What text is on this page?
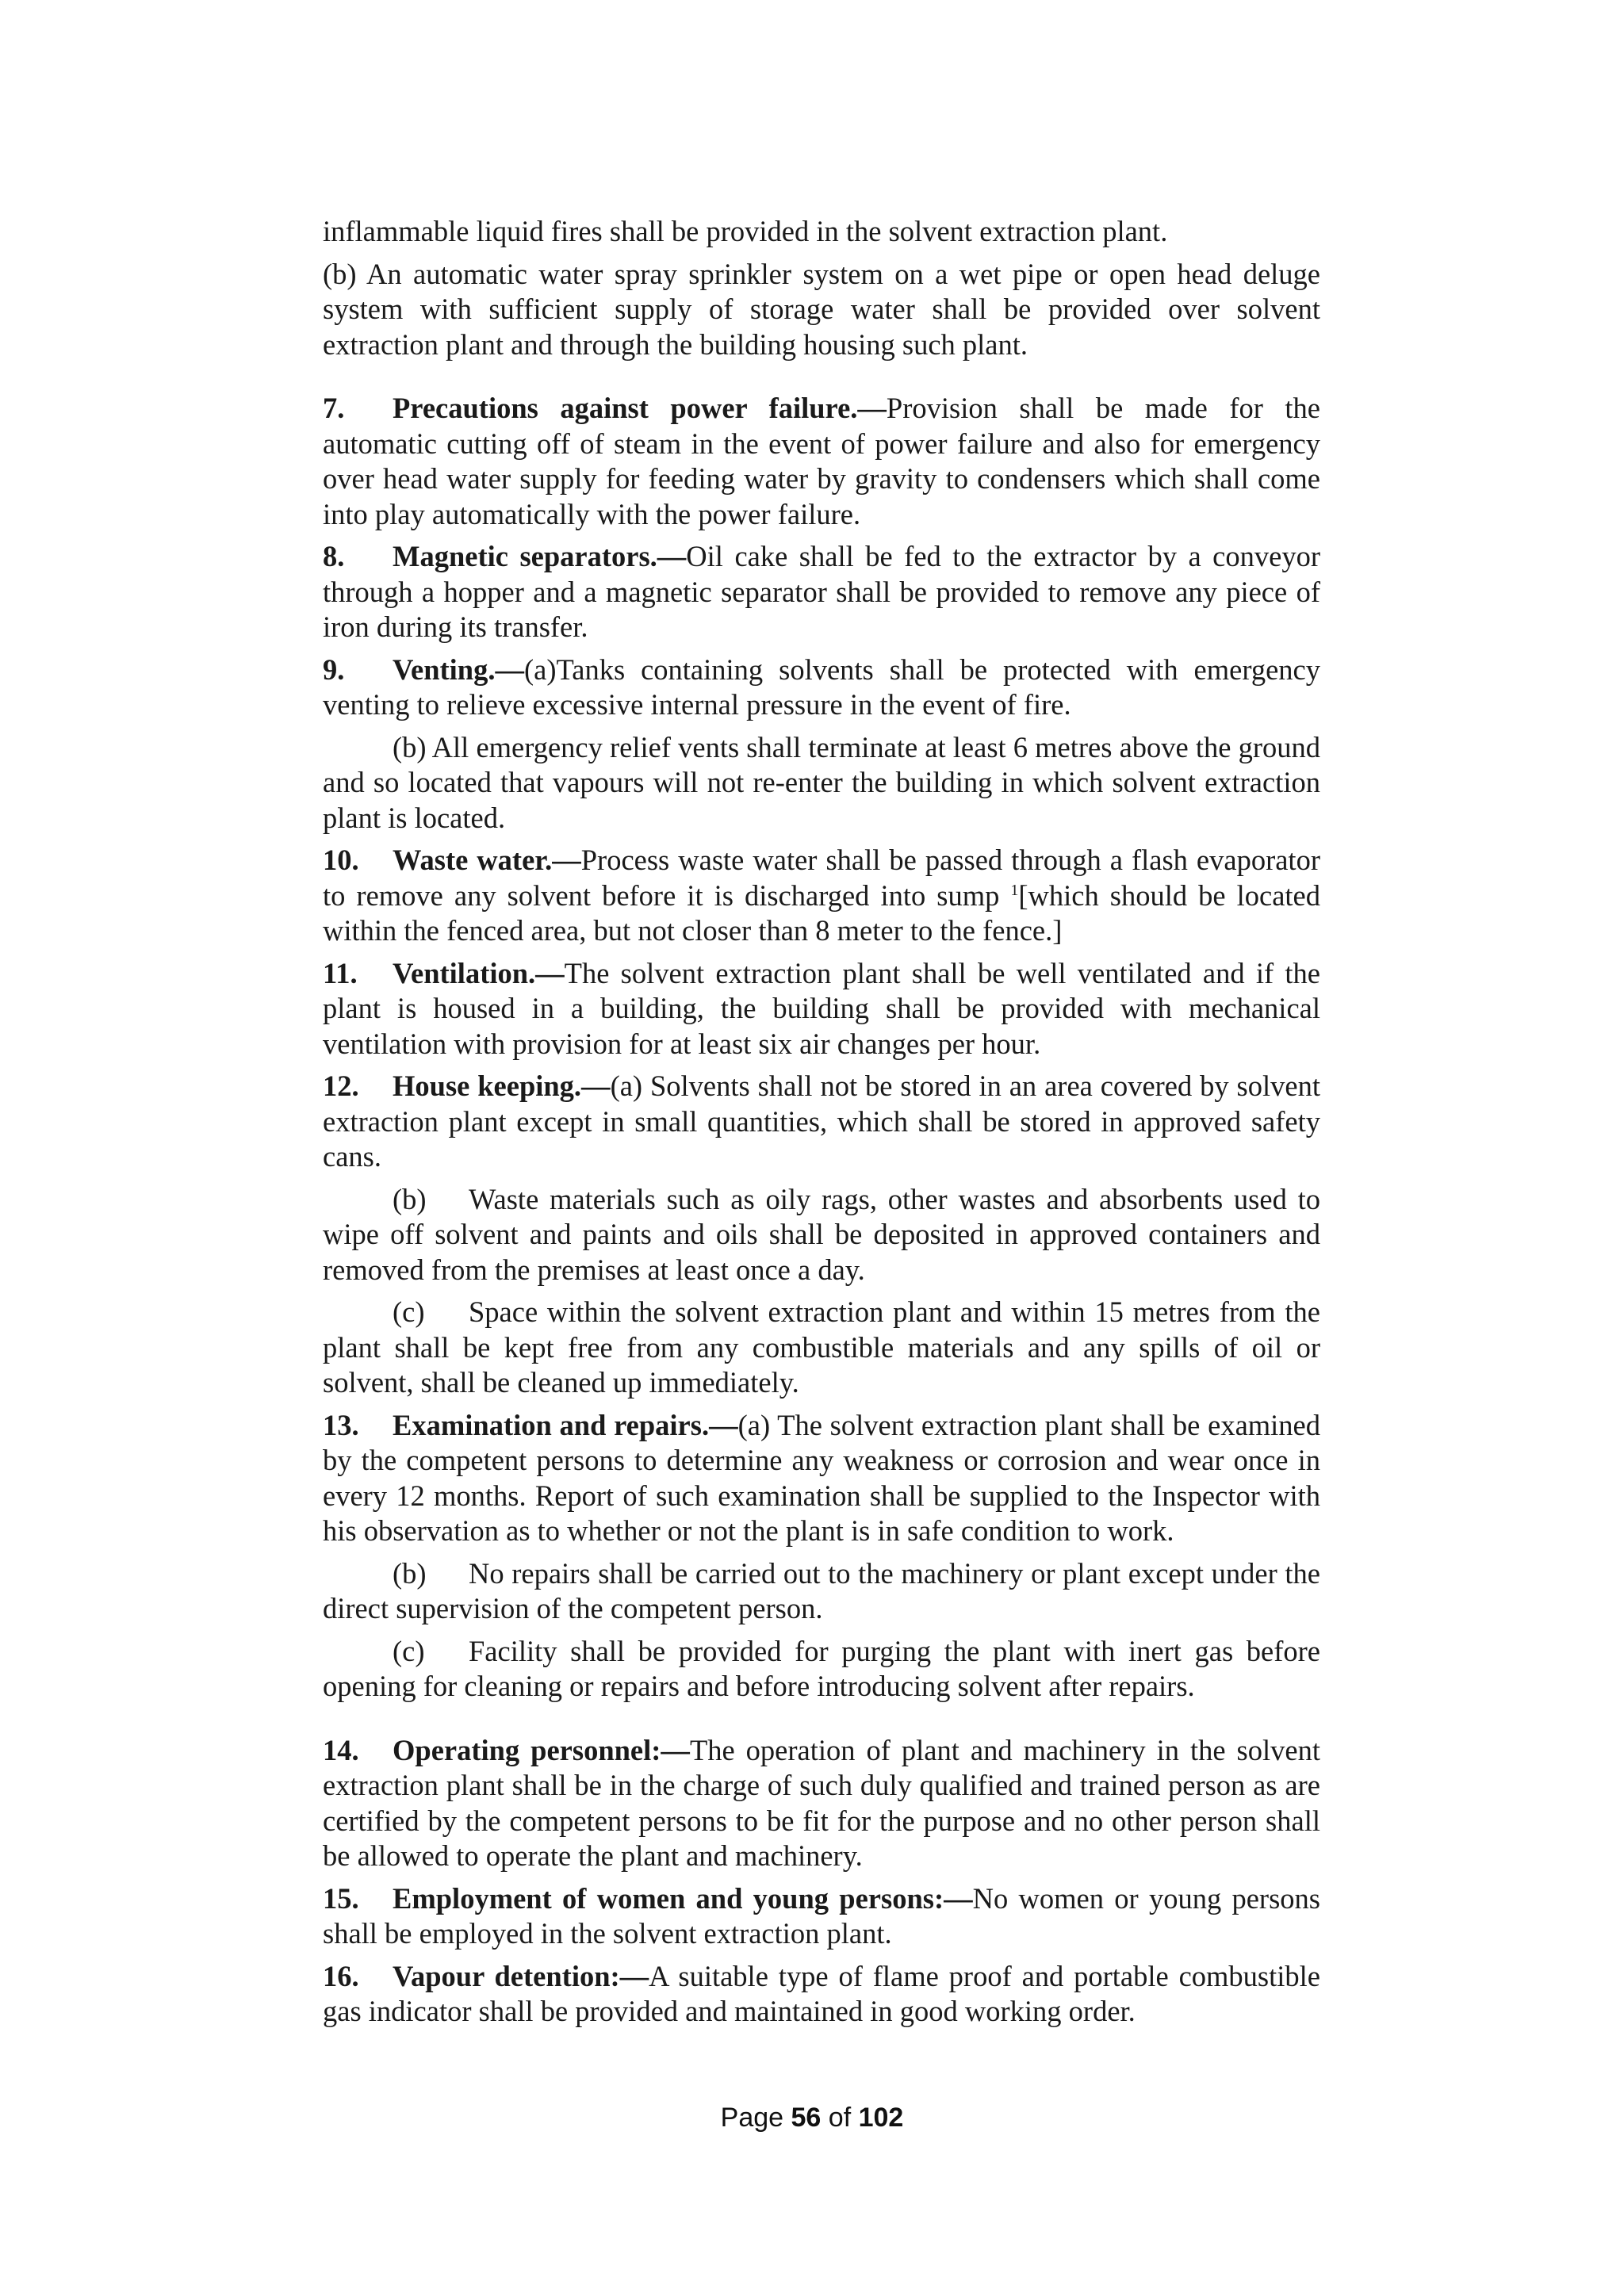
inflammable liquid fires shall be provided in the solvent extraction plant.

(b) An automatic water spray sprinkler system on a wet pipe or open head deluge system with sufficient supply of storage water shall be provided over solvent extraction plant and through the building housing such plant.

7. Precautions against power failure.—Provision shall be made for the automatic cutting off of steam in the event of power failure and also for emergency over head water supply for feeding water by gravity to condensers which shall come into play automatically with the power failure.

8. Magnetic separators.—Oil cake shall be fed to the extractor by a conveyor through a hopper and a magnetic separator shall be provided to remove any piece of iron during its transfer.

9. Venting.—(a)Tanks containing solvents shall be protected with emergency venting to relieve excessive internal pressure in the event of fire.

(b) All emergency relief vents shall terminate at least 6 metres above the ground and so located that vapours will not re-enter the building in which solvent extraction plant is located.

10. Waste water.—Process waste water shall be passed through a flash evaporator to remove any solvent before it is discharged into sump $^1$[which should be located within the fenced area, but not closer than 8 meter to the fence.]

11. Ventilation.—The solvent extraction plant shall be well ventilated and if the plant is housed in a building, the building shall be provided with mechanical ventilation with provision for at least six air changes per hour.

12. House keeping.—(a) Solvents shall not be stored in an area covered by solvent extraction plant except in small quantities, which shall be stored in approved safety cans.

(b) Waste materials such as oily rags, other wastes and absorbents used to wipe off solvent and paints and oils shall be deposited in approved containers and removed from the premises at least once a day.

(c) Space within the solvent extraction plant and within 15 metres from the plant shall be kept free from any combustible materials and any spills of oil or solvent, shall be cleaned up immediately.

13. Examination and repairs.—(a) The solvent extraction plant shall be examined by the competent persons to determine any weakness or corrosion and wear once in every 12 months. Report of such examination shall be supplied to the Inspector with his observation as to whether or not the plant is in safe condition to work.

(b) No repairs shall be carried out to the machinery or plant except under the direct supervision of the competent person.

(c) Facility shall be provided for purging the plant with inert gas before opening for cleaning or repairs and before introducing solvent after repairs.

14. Operating personnel:—The operation of plant and machinery in the solvent extraction plant shall be in the charge of such duly qualified and trained person as are certified by the competent persons to be fit for the purpose and no other person shall be allowed to operate the plant and machinery.

15. Employment of women and young persons:—No women or young persons shall be employed in the solvent extraction plant.

16. Vapour detention:—A suitable type of flame proof and portable combustible gas indicator shall be provided and maintained in good working order.

Page 56 of 102
